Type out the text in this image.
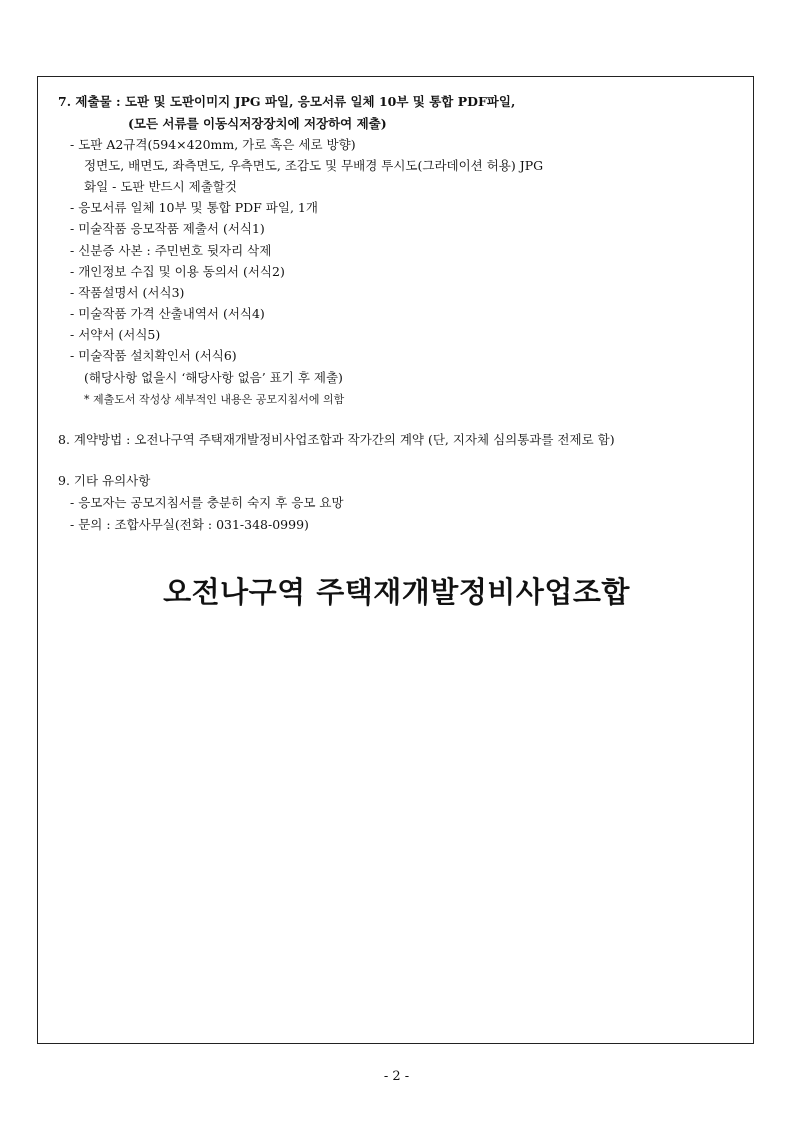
7. 제출물 : 도판 및 도판이미지 JPG 파일, 응모서류 일체 10부 및 통합 PDF파일,
(모든 서류를 이동식저장장치에 저장하여 제출)
- 도판 A2규격(594×420mm, 가로 혹은 세로 방향)
정면도, 배면도, 좌측면도, 우측면도, 조감도 및 무배경 투시도(그라데이션 허용) JPG
화일 - 도판 반드시 제출할것
- 응모서류 일체 10부 및 통합 PDF 파일, 1개
- 미술작품 응모작품 제출서 (서식1)
- 신분증 사본 : 주민번호 뒷자리 삭제
- 개인정보 수집 및 이용 동의서 (서식2)
- 작품설명서 (서식3)
- 미술작품 가격 산출내역서 (서식4)
- 서약서 (서식5)
- 미술작품 설치확인서 (서식6)
(해당사항 없을시 ‘해당사항 없음’ 표기 후 제출)
* 제출도서 작성상 세부적인 내용은 공모지침서에 의함
8. 계약방법 : 오전나구역 주택재개발정비사업조합과 작가간의 계약 (단, 지자체 심의통과를 전제로 함)
9. 기타 유의사항
- 응모자는 공모지침서를 충분히 숙지 후 응모 요망
- 문의 : 조합사무실(전화 : 031-348-0999)
오전나구역 주택재개발정비사업조합
- 2 -
